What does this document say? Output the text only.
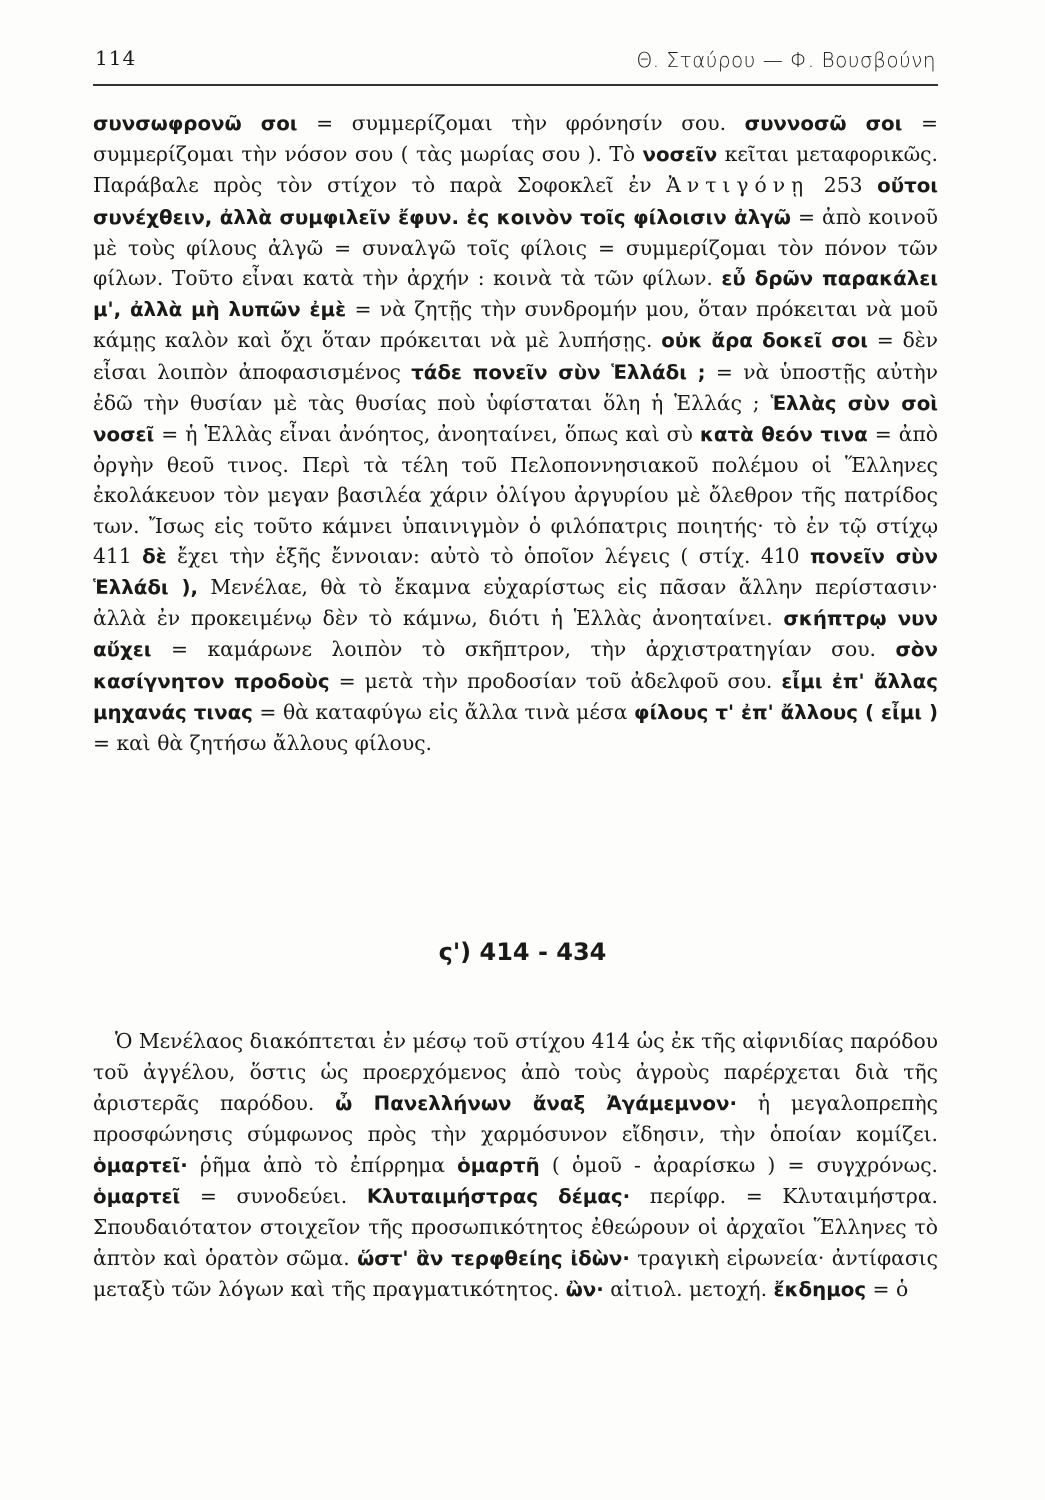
114	Θ. Σταύρου — Φ. Βουσβούνη

συνσωφρονῶ σοι = συμμερίζομαι τὴν φρόνησίν σου. συννοσῶ σοι = συμμερίζομαι τὴν νόσον σου ( τὰς μωρίας σου ). Τὸ νοσεῖν κεῖται μεταφορικῶς. Παράβαλε πρὸς τὸν στίχον τὸ παρὰ Σοφοκλεῖ ἐν Ἀντιγόνῃ 253 οὔτοι συνέχθειν, ἀλλὰ συμφιλεῖν ἔφυν. ἐς κοινὸν τοῖς φίλοισιν ἀλγῶ = ἀπὸ κοινοῦ μὲ τοὺς φίλους ἀλγῶ = συναλγῶ τοῖς φίλοις = συμμερίζομαι τὸν πόνον τῶν φίλων. Τοῦτο εἶναι κατὰ τὴν ἀρχήν : κοινὰ τὰ τῶν φίλων. εὖ δρῶν παρακάλει μ', ἀλλὰ μὴ λυπῶν ἐμὲ = νὰ ζητῇς τὴν συνδρομήν μου, ὅταν πρόκειται νὰ μοῦ κάμῃς καλὸν καὶ ὄχι ὅταν πρόκειται νὰ μὲ λυπήσῃς. οὐκ ἄρα δοκεῖ σοι = δὲν εἶσαι λοιπὸν ἀποφασισμένος τάδε πονεῖν σὺν Ἑλλάδι ; = νὰ ὑποστῇς αὐτὴν ἐδῶ τὴν θυσίαν μὲ τὰς θυσίας ποὺ ὑφίσταται ὅλη ἡ Ἑλλάς ; Ἑλλὰς σὺν σοὶ νοσεῖ = ἡ Ἑλλὰς εἶναι ἀνόητος, ἀνοηταίνει, ὅπως καὶ σὺ κατὰ θεόν τινα = ἀπὸ ὀργὴν θεοῦ τινος. Περὶ τὰ τέλη τοῦ Πελοποννησιακοῦ πολέμου οἱ Ἕλληνες ἐκολάκευον τὸν μεγαν βασιλέα χάριν ὀλίγου ἀργυρίου μὲ ὄλεθρον τῆς πατρίδος των. Ἴσως εἰς τοῦτο κάμνει ὑπαινιγμὸν ὁ φιλόπατρις ποιητής· τὸ ἐν τῷ στίχῳ 411 δὲ ἔχει τὴν ἑξῆς ἔννοιαν: αὐτὸ τὸ ὁποῖον λέγεις ( στίχ. 410 πονεῖν σὺν Ἑλλάδι ), Μενέλαε, θὰ τὸ ἔκαμνα εὐχαρίστως εἰς πᾶσαν ἄλλην περίστασιν· ἀλλὰ ἐν προκειμένῳ δὲν τὸ κάμνω, διότι ἡ Ἑλλὰς ἀνοηταίνει. σκήπτρῳ νυν αὔχει = καμάρωνε λοιπὸν τὸ σκῆπτρον, τὴν ἀρχιστρατηγίαν σου. σὸν κασίγνητον προδοὺς = μετὰ τὴν προδοσίαν τοῦ ἀδελφοῦ σου. εἶμι ἐπ' ἄλλας μηχανάς τινας = θὰ καταφύγω εἰς ἄλλα τινὰ μέσα φίλους τ' ἐπ' ἄλλους ( εἶμι ) = καὶ θὰ ζητήσω ἄλλους φίλους.

ς') 414 - 434

Ὁ Μενέλαος διακόπτεται ἐν μέσῳ τοῦ στίχου 414 ὡς ἐκ τῆς αἰφνιδίας παρόδου τοῦ ἀγγέλου, ὅστις ὡς προερχόμενος ἀπὸ τοὺς ἀγροὺς παρέρχεται διὰ τῆς ἀριστερᾶς παρόδου. ὦ Πανελλήνων ἄναξ Ἀγάμεμνον· ἡ μεγαλοπρεπὴς προσφώνησις σύμφωνος πρὸς τὴν χαρμόσυνον εἴδησιν, τὴν ὁποίαν κομίζει. ὁμαρτεῖ· ῥῆμα ἀπὸ τὸ ἐπίρρημα ὁμαρτῆ ( ὁμοῦ - ἀραρίσκω ) = συγχρόνως. ὁμαρτεῖ = συνοδεύει. Κλυταιμήστρας δέμας· περίφρ. = Κλυταιμήστρα. Σπουδαιότατον στοιχεῖον τῆς προσωπικότητος ἐθεώρουν οἱ ἀρχαῖοι Ἕλληνες τὸ ἁπτὸν καὶ ὁρατὸν σῶμα. ὥστ' ἂν τερφθείης ἰδὼν· τραγικὴ εἰρωνεία· ἀντίφασις μεταξὺ τῶν λόγων καὶ τῆς πραγματικότητος. ὢν· αἰτιολ. μετοχή. ἔκδημος = ὁ
